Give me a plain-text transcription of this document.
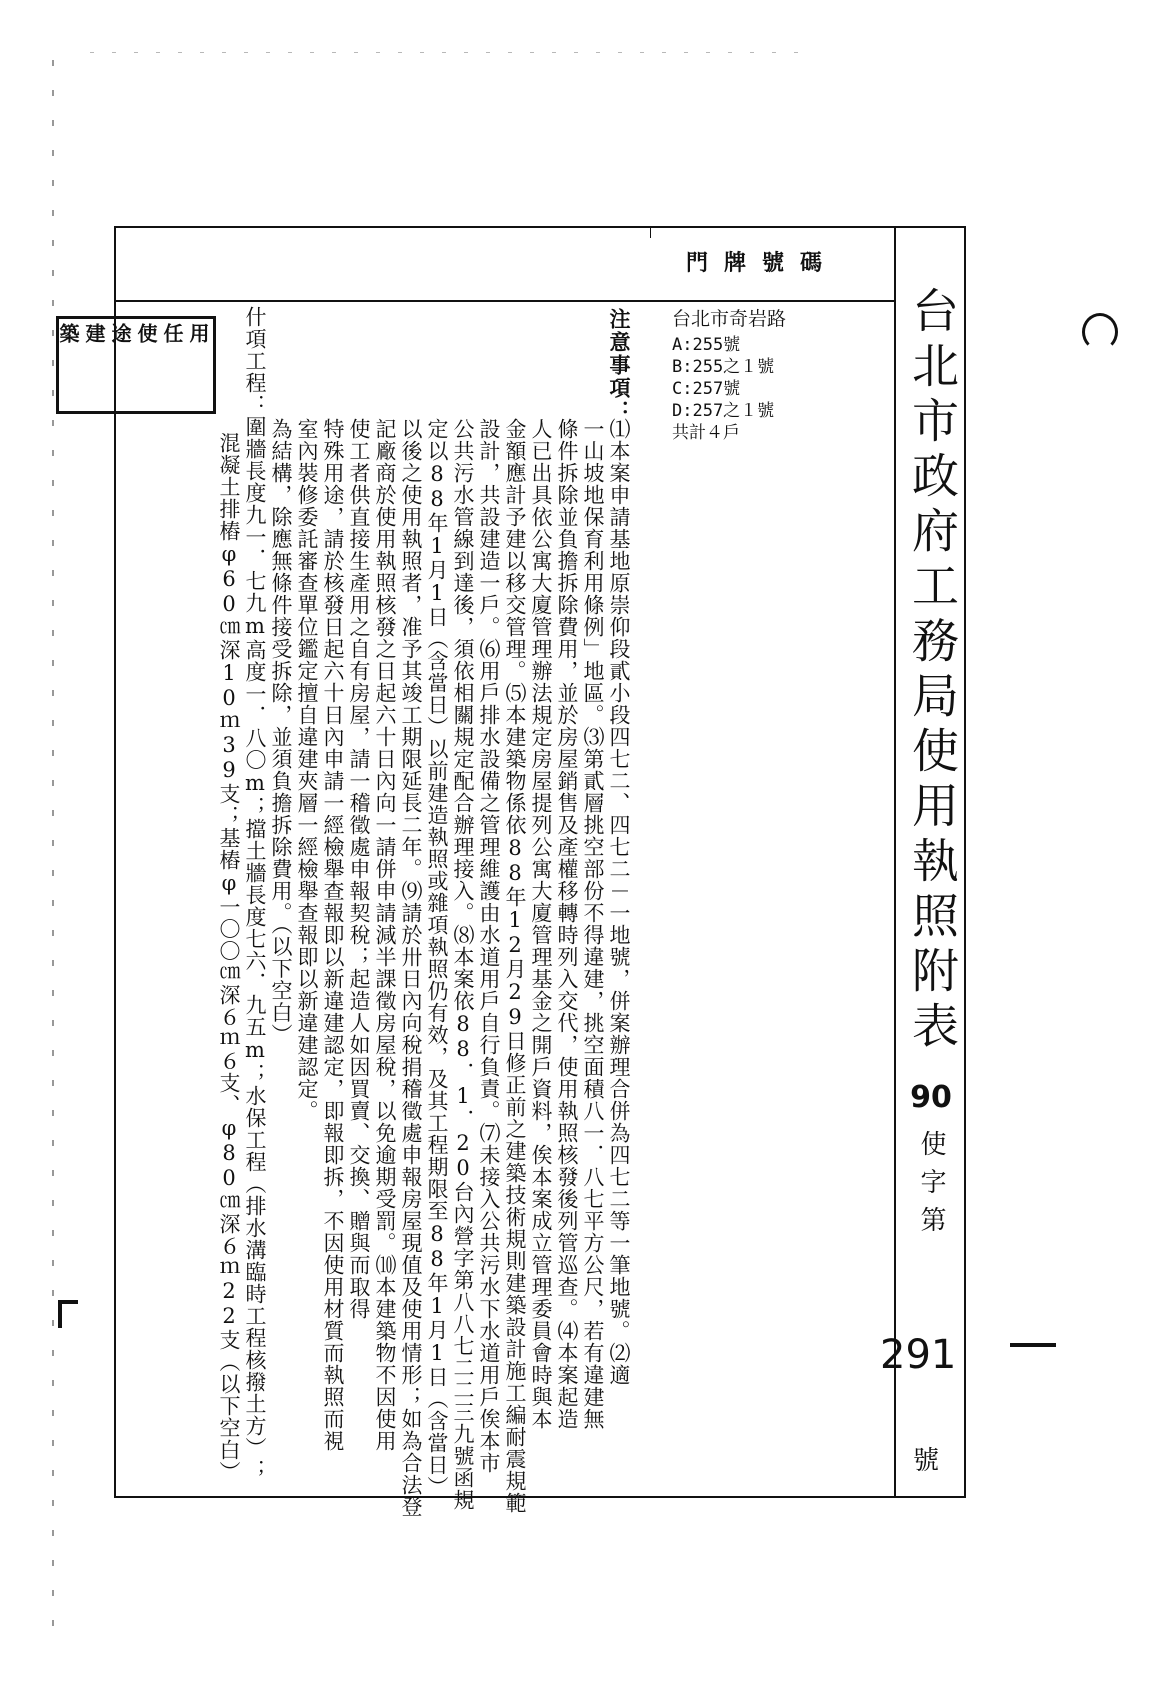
台北市政府工務局使用執照附表
90
使字第
291
號
門牌號碼
台北市奇岩路
A:255號
B:255之１號
C:257號
D:257之１號
共計４戶
注意事項：
⑴本案申請基地原崇仰段貳小段四七二、四七二－一地號，併案辦理合併為四七二等一筆地號。⑵適
一山坡地保育利用條例」地區。⑶第貳層挑空部份不得違建，挑空面積八一．八七平方公尺，若有違建無
條件拆除並負擔拆除費用，並於房屋銷售及產權移轉時列入交代，使用執照核發後列管巡查。⑷本案起造
人已出具依公寓大廈管理辦法規定房屋提列公寓大廈管理基金之開戶資料，俟本案成立管理委員會時與本
金額應計予建以移交管理。⑸本建築物係依88年12月29日修正前之建築技術規則建築設計施工編耐震規範
設計，共設建造一戶。⑹用戶排水設備之管理維護由水道用戶自行負責。⑺未接入公共污水下水道用戶俟本市
公共污水管線到達後，須依相關規定配合辦理接入。⑻本案依88．1．20台內營字第八八七二二三九號函規
定以88年1月1日（含當日）以前建造執照或雜項執照仍有效，及其工程期限至88年1月1日（含當日）
以後之使用執照者，准予其竣工期限延長二年。⑼請於卅日內向稅捐稽徵處申報房屋現值及使用情形；如為合法登
記廠商於使用執照核發之日起六十日內向一請併申請減半課徵房屋稅，以免逾期受罰。⑽本建築物不因使用
使工者供直接生產用之自有房屋，請一稽徵處申報契稅；起造人如因買賣、交換、贈與而取得
特殊用途，請於核發日起六十日內申請一經檢舉查報即以新違建認定，即報即拆，不因使用材質而執照而視
室內裝修委託審查單位鑑定擅自違建夾層一經檢舉查報即以新違建認定。
為結構，除應無條件接受拆除，並須負擔拆除費用。（以下空白）
什項工程：圍牆長度九一．七九m高度一．八〇m；擋土牆長度七六．九五m；水保工程（排水溝臨時工程核撥土方）；
混凝土排樁φ60㎝深10ｍ39支；基樁φ一〇〇㎝深６ｍ６支、φ80㎝深６ｍ22支（以下空白）
用
任
使
途
建
築
